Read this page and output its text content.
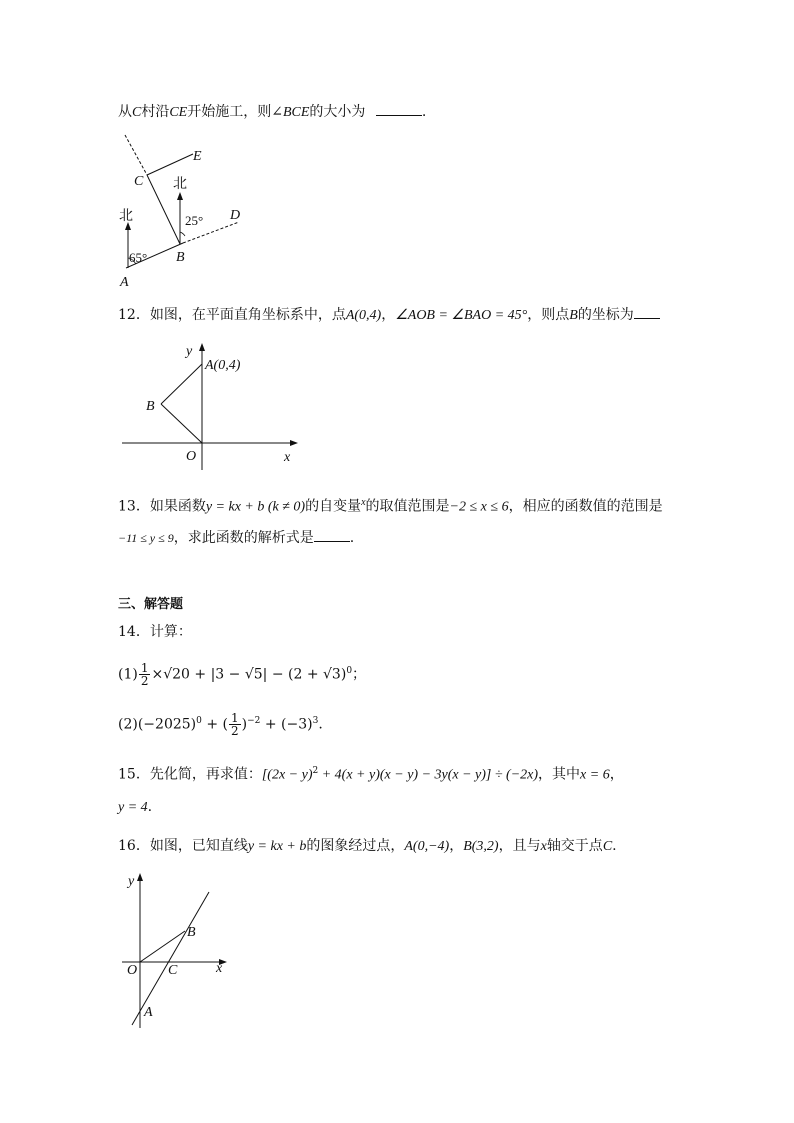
从C村沿CE开始施工，则∠BCE的大小为	.
北
北
65°
25°
A
B
C
D
E
12．如图，在平面直角坐标系中，点A(0,4)，∠AOB = ∠BAO = 45°，则点B的坐标为
y
x
O
A(0,4)
B
13．如果函数y = kx + b (k ≠ 0)的自变量$^x$的取值范围是−2 ≤ x ≤ 6，相应的函数值的范围是
−11 ≤ y ≤ 9，求此函数的解析式是	.
三、解答题
14．计算：
$(1) \frac{1}{2} \times√20 + |3 - √5| - (2 + √3)^0$；
$(2)(-2025)^0$ + ( $\frac{1}{2} )^{-2} + (-3)^3$.
15．先化简，再求值：$[(2x - y)^2 + 4(x + y)(x - y) - 3y(x - y)] \div (-2x)$，其中x = 6，
y = 4.
16．如图，已知直线y = kx + b的图象经过点，A(0,−4)，B(3,2)，且与x轴交于点C.
y
x
O C
B
A
